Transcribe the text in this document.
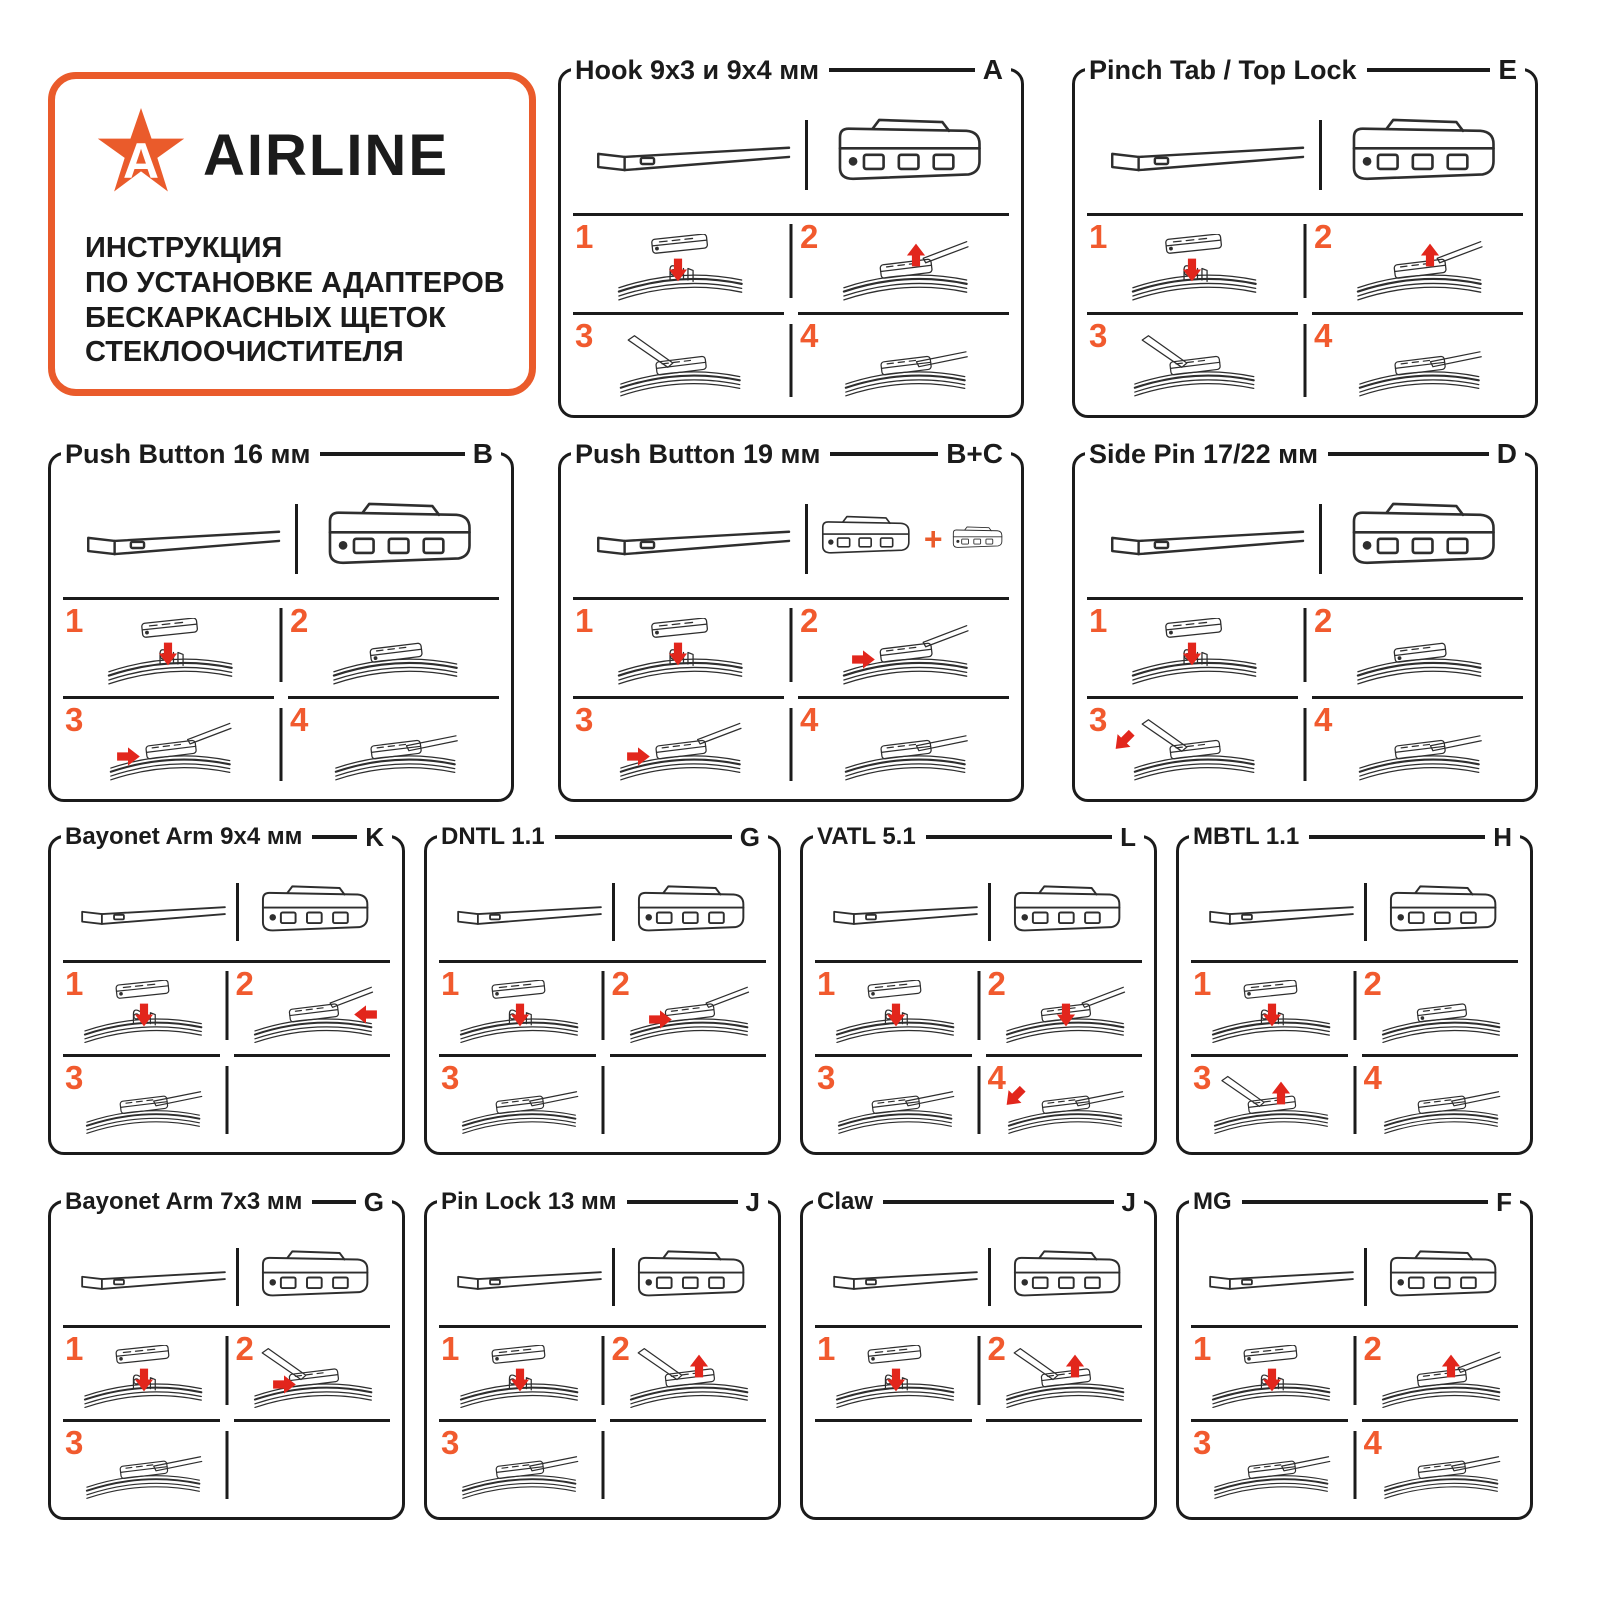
A AIRLINE
ИНСТРУКЦИЯ
ПО УСТАНОВКЕ АДАПТЕРОВ
БЕСКАРКАСНЫХ ЩЕТОК
СТЕКЛООЧИСТИТЕЛЯ
Hook 9x3 и 9x4 мм	A
1	2
3	4
Pinch Tab / Top Lock	E
1	2
3	4
Push Button 16 мм	B
1	2
3	4
Push Button 19 мм	B+C
+
1	2
3	4
Side Pin 17/22 мм	D
1	2
3	4
Bayonet Arm 9x4 мм	K
1	2
3
DNTL 1.1	G
1	2
3
VATL 5.1	L
1	2
3	4
MBTL 1.1	H
1	2
3	4
Bayonet Arm 7x3 мм	G
1	2
3
Pin Lock 13 мм	J
1	2
3
Claw	J
1	2
MG	F
1	2
3	4
